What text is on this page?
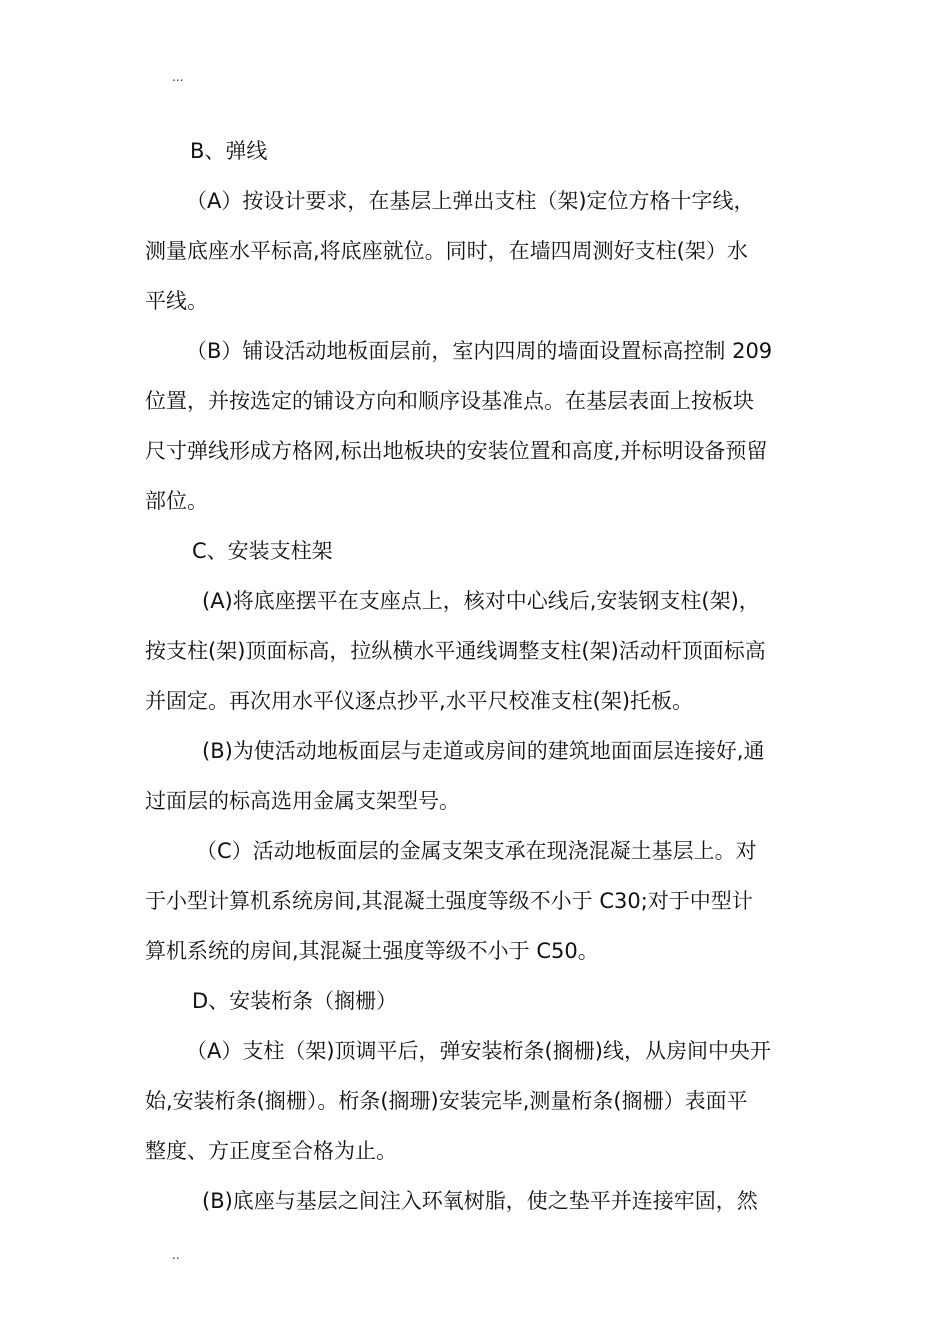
...
B、弹线
（A）按设计要求，在基层上弹出支柱（架)定位方格十字线，
测量底座水平标高,将底座就位。同时，在墙四周测好支柱(架）水
平线。
（B）铺设活动地板面层前，室内四周的墙面设置标高控制 209
位置，并按选定的铺设方向和顺序设基准点。在基层表面上按板块
尺寸弹线形成方格网,标出地板块的安装位置和高度,并标明设备预留
部位。
C、安装支柱架
(A)将底座摆平在支座点上，核对中心线后,安装钢支柱(架)，
按支柱(架)顶面标高，拉纵横水平通线调整支柱(架)活动杆顶面标高
并固定。再次用水平仪逐点抄平,水平尺校准支柱(架)托板。
(B)为使活动地板面层与走道或房间的建筑地面面层连接好,通
过面层的标高选用金属支架型号。
（C）活动地板面层的金属支架支承在现浇混凝土基层上。对
于小型计算机系统房间,其混凝土强度等级不小于 C30;对于中型计
算机系统的房间,其混凝土强度等级不小于 C50。
D、安装桁条（搁栅）
（A）支柱（架)顶调平后，弹安装桁条(搁栅)线，从房间中央开
始,安装桁条(搁栅）。桁条(搁珊)安装完毕,测量桁条(搁栅）表面平
整度、方正度至合格为止。
(B)底座与基层之间注入环氧树脂，使之垫平并连接牢固，然
..
